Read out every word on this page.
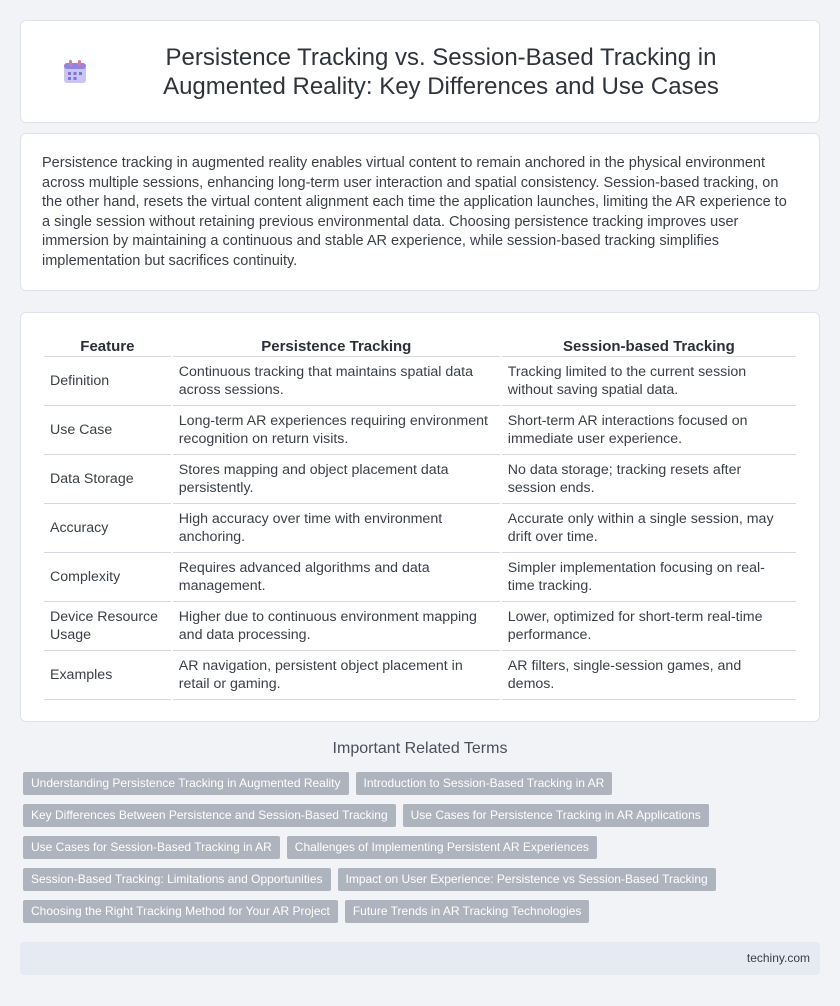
Persistence Tracking vs. Session-Based Tracking in Augmented Reality: Key Differences and Use Cases

Persistence tracking in augmented reality enables virtual content to remain anchored in the physical environment across multiple sessions, enhancing long-term user interaction and spatial consistency. Session-based tracking, on the other hand, resets the virtual content alignment each time the application launches, limiting the AR experience to a single session without retaining previous environmental data. Choosing persistence tracking improves user immersion by maintaining a continuous and stable AR experience, while session-based tracking simplifies implementation but sacrifices continuity.

Feature	Persistence Tracking	Session-based Tracking
Definition	Continuous tracking that maintains spatial data across sessions.	Tracking limited to the current session without saving spatial data.
Use Case	Long-term AR experiences requiring environment recognition on return visits.	Short-term AR interactions focused on immediate user experience.
Data Storage	Stores mapping and object placement data persistently.	No data storage; tracking resets after session ends.
Accuracy	High accuracy over time with environment anchoring.	Accurate only within a single session, may drift over time.
Complexity	Requires advanced algorithms and data management.	Simpler implementation focusing on real-time tracking.
Device Resource Usage	Higher due to continuous environment mapping and data processing.	Lower, optimized for short-term real-time performance.
Examples	AR navigation, persistent object placement in retail or gaming.	AR filters, single-session games, and demos.
Important Related Terms
Understanding Persistence Tracking in Augmented Reality	Introduction to Session-Based Tracking in AR
Key Differences Between Persistence and Session-Based Tracking	Use Cases for Persistence Tracking in AR Applications
Use Cases for Session-Based Tracking in AR	Challenges of Implementing Persistent AR Experiences
Session-Based Tracking: Limitations and Opportunities	Impact on User Experience: Persistence vs Session-Based Tracking
Choosing the Right Tracking Method for Your AR Project	Future Trends in AR Tracking Technologies
techiny.com
